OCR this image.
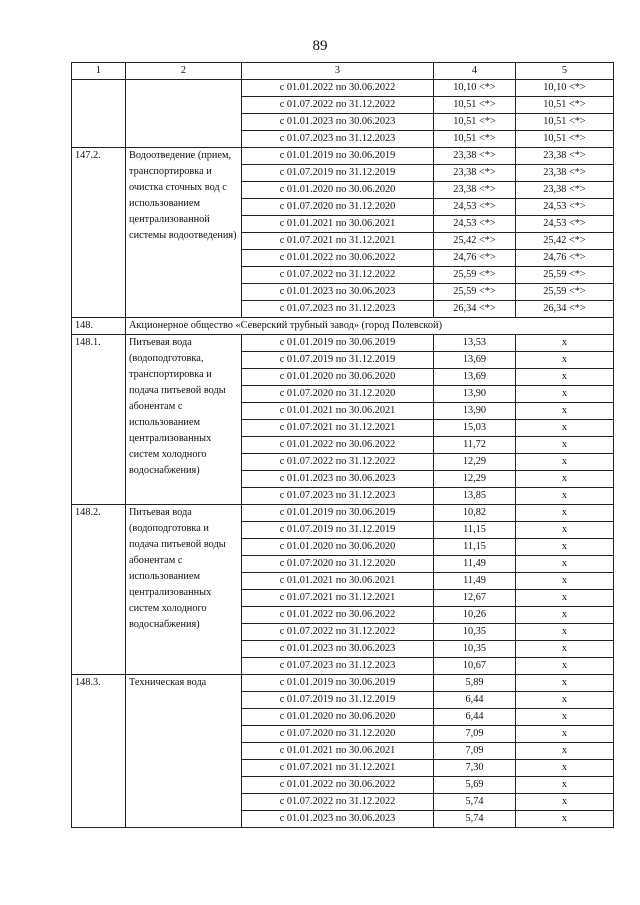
89
1	2	3	4	5
		с 01.01.2022 по 30.06.2022	10,10 <*>	10,10 <*>
		с 01.07.2022 по 31.12.2022	10,51 <*>	10,51 <*>
		с 01.01.2023 по 30.06.2023	10,51 <*>	10,51 <*>
		с 01.07.2023 по 31.12.2023	10,51 <*>	10,51 <*>
147.2.	Водоотведение (прием, транспортировка и очистка сточных вод с использованием централизованной системы водоотведения)	с 01.01.2019 по 30.06.2019	23,38 <*>	23,38 <*>
		с 01.07.2019 по 31.12.2019	23,38 <*>	23,38 <*>
		с 01.01.2020 по 30.06.2020	23,38 <*>	23,38 <*>
		с 01.07.2020 по 31.12.2020	24,53 <*>	24,53 <*>
		с 01.01.2021 по 30.06.2021	24,53 <*>	24,53 <*>
		с 01.07.2021 по 31.12.2021	25,42 <*>	25,42 <*>
		с 01.01.2022 по 30.06.2022	24,76 <*>	24,76 <*>
		с 01.07.2022 по 31.12.2022	25,59 <*>	25,59 <*>
		с 01.01.2023 по 30.06.2023	25,59 <*>	25,59 <*>
		с 01.07.2023 по 31.12.2023	26,34 <*>	26,34 <*>
148.	Акционерное общество «Северский трубный завод» (город Полевской)			
148.1.	Питьевая вода (водоподготовка, транспортировка и подача питьевой воды абонентам с использованием централизованных систем холодного водоснабжения)	с 01.01.2019 по 30.06.2019	13,53	x
		с 01.07.2019 по 31.12.2019	13,69	x
		с 01.01.2020 по 30.06.2020	13,69	x
		с 01.07.2020 по 31.12.2020	13,90	x
		с 01.01.2021 по 30.06.2021	13,90	x
		с 01.07.2021 по 31.12.2021	15,03	x
		с 01.01.2022 по 30.06.2022	11,72	x
		с 01.07.2022 по 31.12.2022	12,29	x
		с 01.01.2023 по 30.06.2023	12,29	x
		с 01.07.2023 по 31.12.2023	13,85	x
148.2.	Питьевая вода (водоподготовка и подача питьевой воды абонентам с использованием централизованных систем холодного водоснабжения)	с 01.01.2019 по 30.06.2019	10,82	x
		с 01.07.2019 по 31.12.2019	11,15	x
		с 01.01.2020 по 30.06.2020	11,15	x
		с 01.07.2020 по 31.12.2020	11,49	x
		с 01.01.2021 по 30.06.2021	11,49	x
		с 01.07.2021 по 31.12.2021	12,67	x
		с 01.01.2022 по 30.06.2022	10,26	x
		с 01.07.2022 по 31.12.2022	10,35	x
		с 01.01.2023 по 30.06.2023	10,35	x
		с 01.07.2023 по 31.12.2023	10,67	x
148.3.	Техническая вода	с 01.01.2019 по 30.06.2019	5,89	x
		с 01.07.2019 по 31.12.2019	6,44	x
		с 01.01.2020 по 30.06.2020	6,44	x
		с 01.07.2020 по 31.12.2020	7,09	x
		с 01.01.2021 по 30.06.2021	7,09	x
		с 01.07.2021 по 31.12.2021	7,30	x
		с 01.01.2022 по 30.06.2022	5,69	x
		с 01.07.2022 по 31.12.2022	5,74	x
		с 01.01.2023 по 30.06.2023	5,74	x
